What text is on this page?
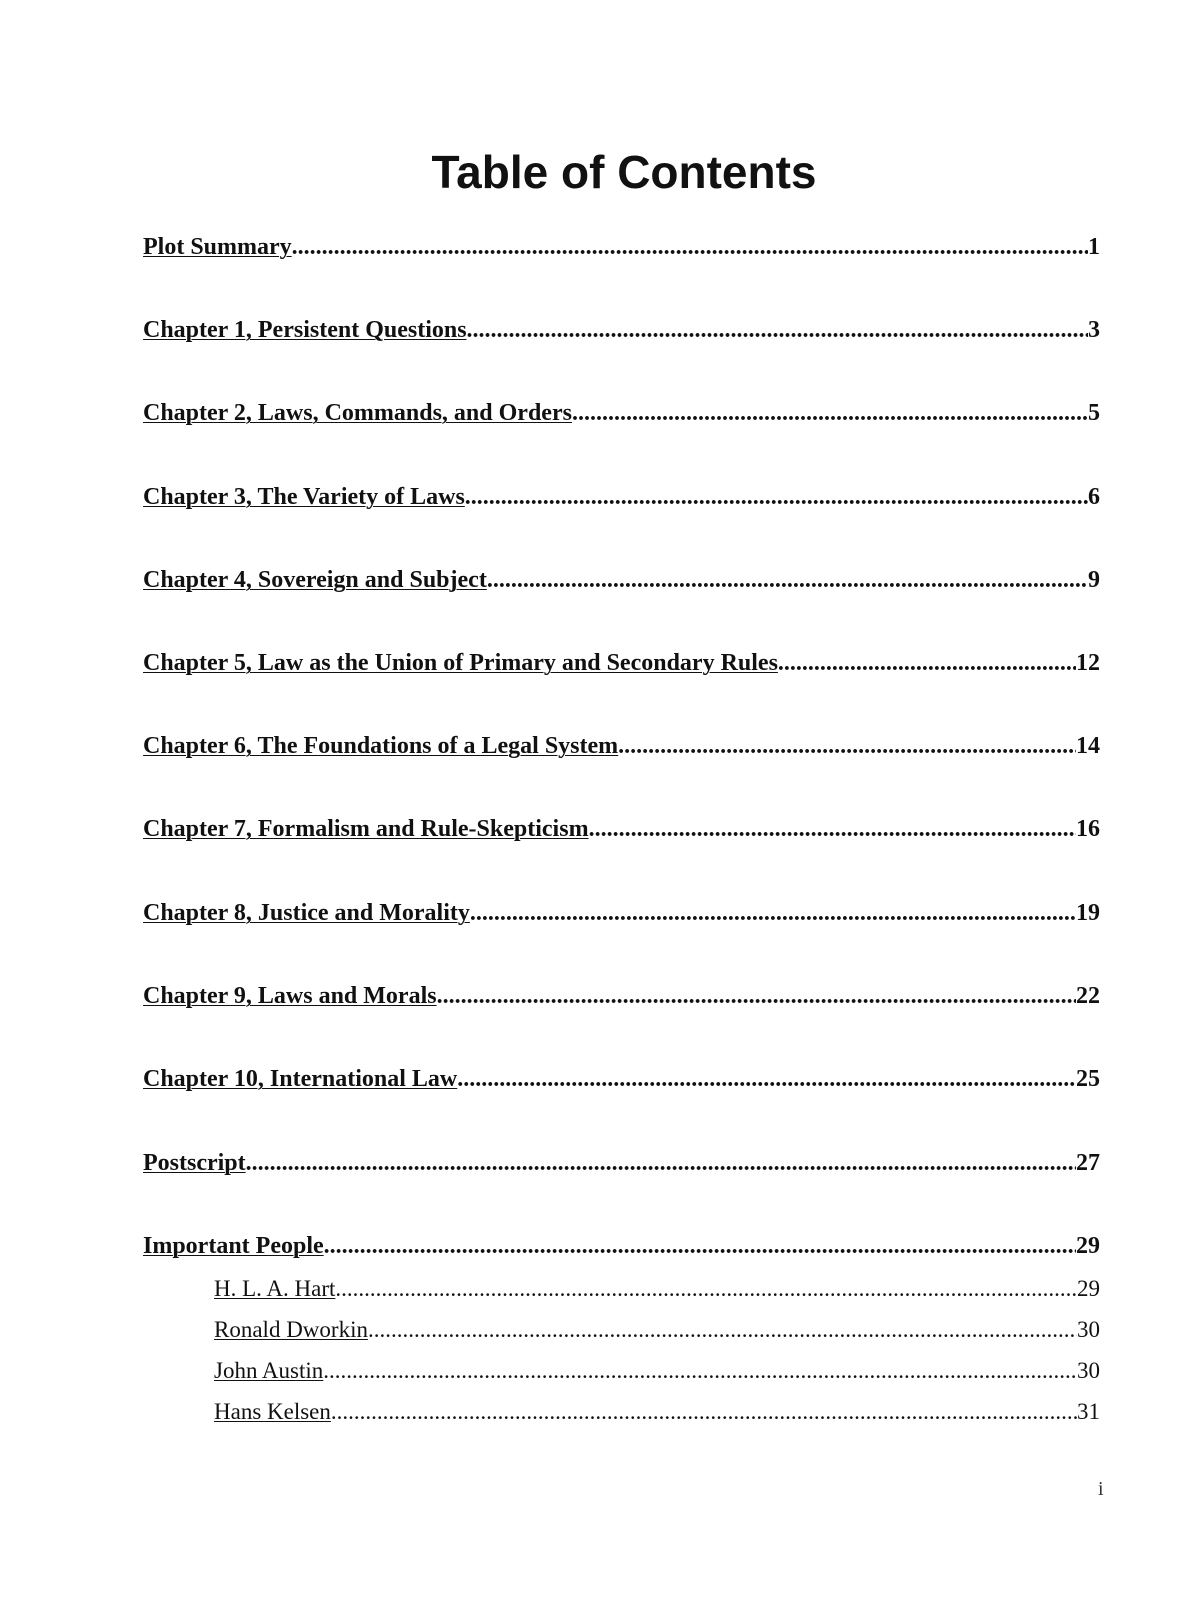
Table of Contents
Plot Summary .....	1
Chapter 1, Persistent Questions .....	3
Chapter 2, Laws, Commands, and Orders .....	5
Chapter 3, The Variety of Laws .....	6
Chapter 4, Sovereign and Subject .....	9
Chapter 5, Law as the Union of Primary and Secondary Rules .....	12
Chapter 6, The Foundations of a Legal System .....	14
Chapter 7, Formalism and Rule-Skepticism .....	16
Chapter 8, Justice and Morality .....	19
Chapter 9, Laws and Morals .....	22
Chapter 10, International Law .....	25
Postscript .....	27
Important People .....	29
H. L. A. Hart .....	29
Ronald Dworkin .....	30
John Austin .....	30
Hans Kelsen .....	31
i
